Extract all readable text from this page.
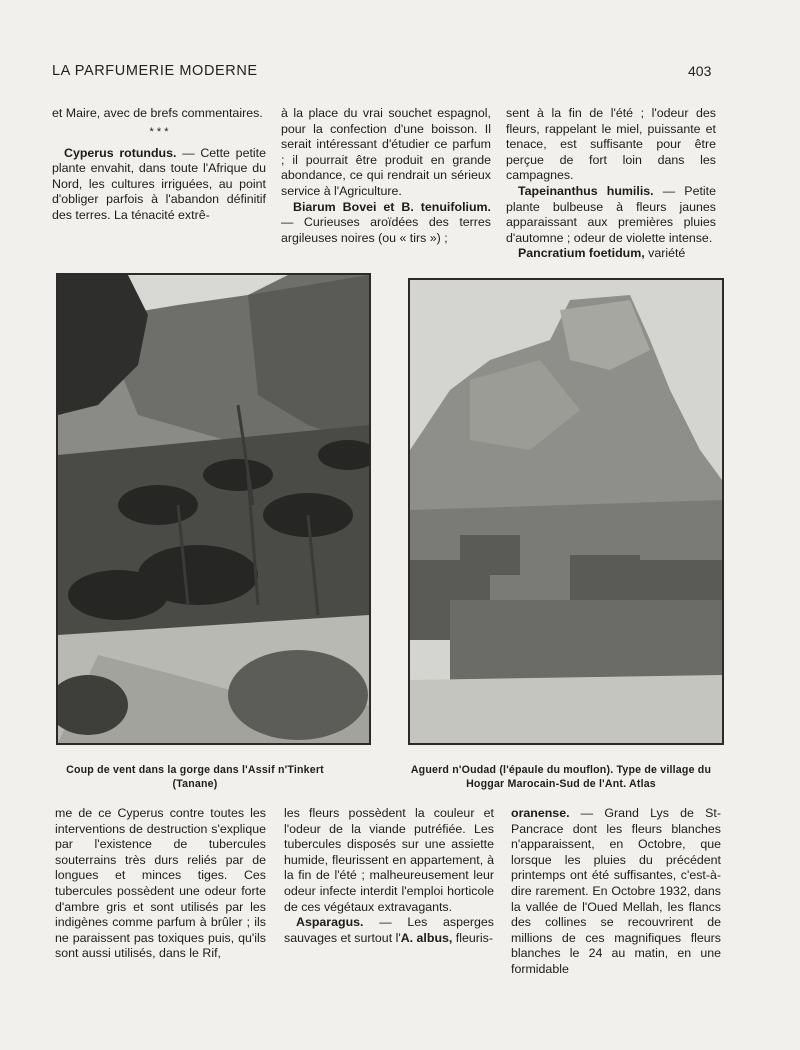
LA PARFUMERIE MODERNE	403

et Maire, avec de brefs commentaires.

* * *

Cyperus rotundus. — Cette petite plante envahit, dans toute l'Afrique du Nord, les cultures irriguées, au point d'obliger parfois à l'abandon définitif des terres. La ténacité extrê-

à la place du vrai souchet espagnol, pour la confection d'une boisson. Il serait intéressant d'étudier ce parfum ; il pourrait être produit en grande abondance, ce qui rendrait un sérieux service à l'Agriculture.

Biarum Bovei et B. tenuifolium. — Curieuses aroïdées des terres argileuses noires (ou « tirs ») ;

sent à la fin de l'été ; l'odeur des fleurs, rappelant le miel, puissante et tenace, est suffisante pour être perçue de fort loin dans les campagnes.

Tapeinanthus humilis. — Petite plante bulbeuse à fleurs jaunes apparaissant aux premières pluies d'automne ; odeur de violette intense.

Pancratium foetidum, variété

Coup de vent dans la gorge dans l'Assif n'Tinkert (Tanane)
Aguerd n'Oudad (l'épaule du mouflon). Type de village du Hoggar Marocain-Sud de l'Ant. Atlas

me de ce Cyperus contre toutes les interventions de destruction s'explique par l'existence de tubercules souterrains très durs reliés par de longues et minces tiges. Ces tubercules possèdent une odeur forte d'ambre gris et sont utilisés par les indigènes comme parfum à brûler ; ils ne paraissent pas toxiques puis, qu'ils sont aussi utilisés, dans le Rif,

les fleurs possèdent la couleur et l'odeur de la viande putréfiée. Les tubercules disposés sur une assiette humide, fleurissent en appartement, à la fin de l'été ; malheureusement leur odeur infecte interdit l'emploi horticole de ces végétaux extravagants.

Asparagus. — Les asperges sauvages et surtout l'A. albus, fleuris-

oranense. — Grand Lys de St-Pancrace dont les fleurs blanches n'apparaissent, en Octobre, que lorsque les pluies du précédent printemps ont été suffisantes, c'est-à-dire rarement. En Octobre 1932, dans la vallée de l'Oued Mellah, les flancs des collines se recouvrirent de millions de ces magnifiques fleurs blanches le 24 au matin, en une formidable
